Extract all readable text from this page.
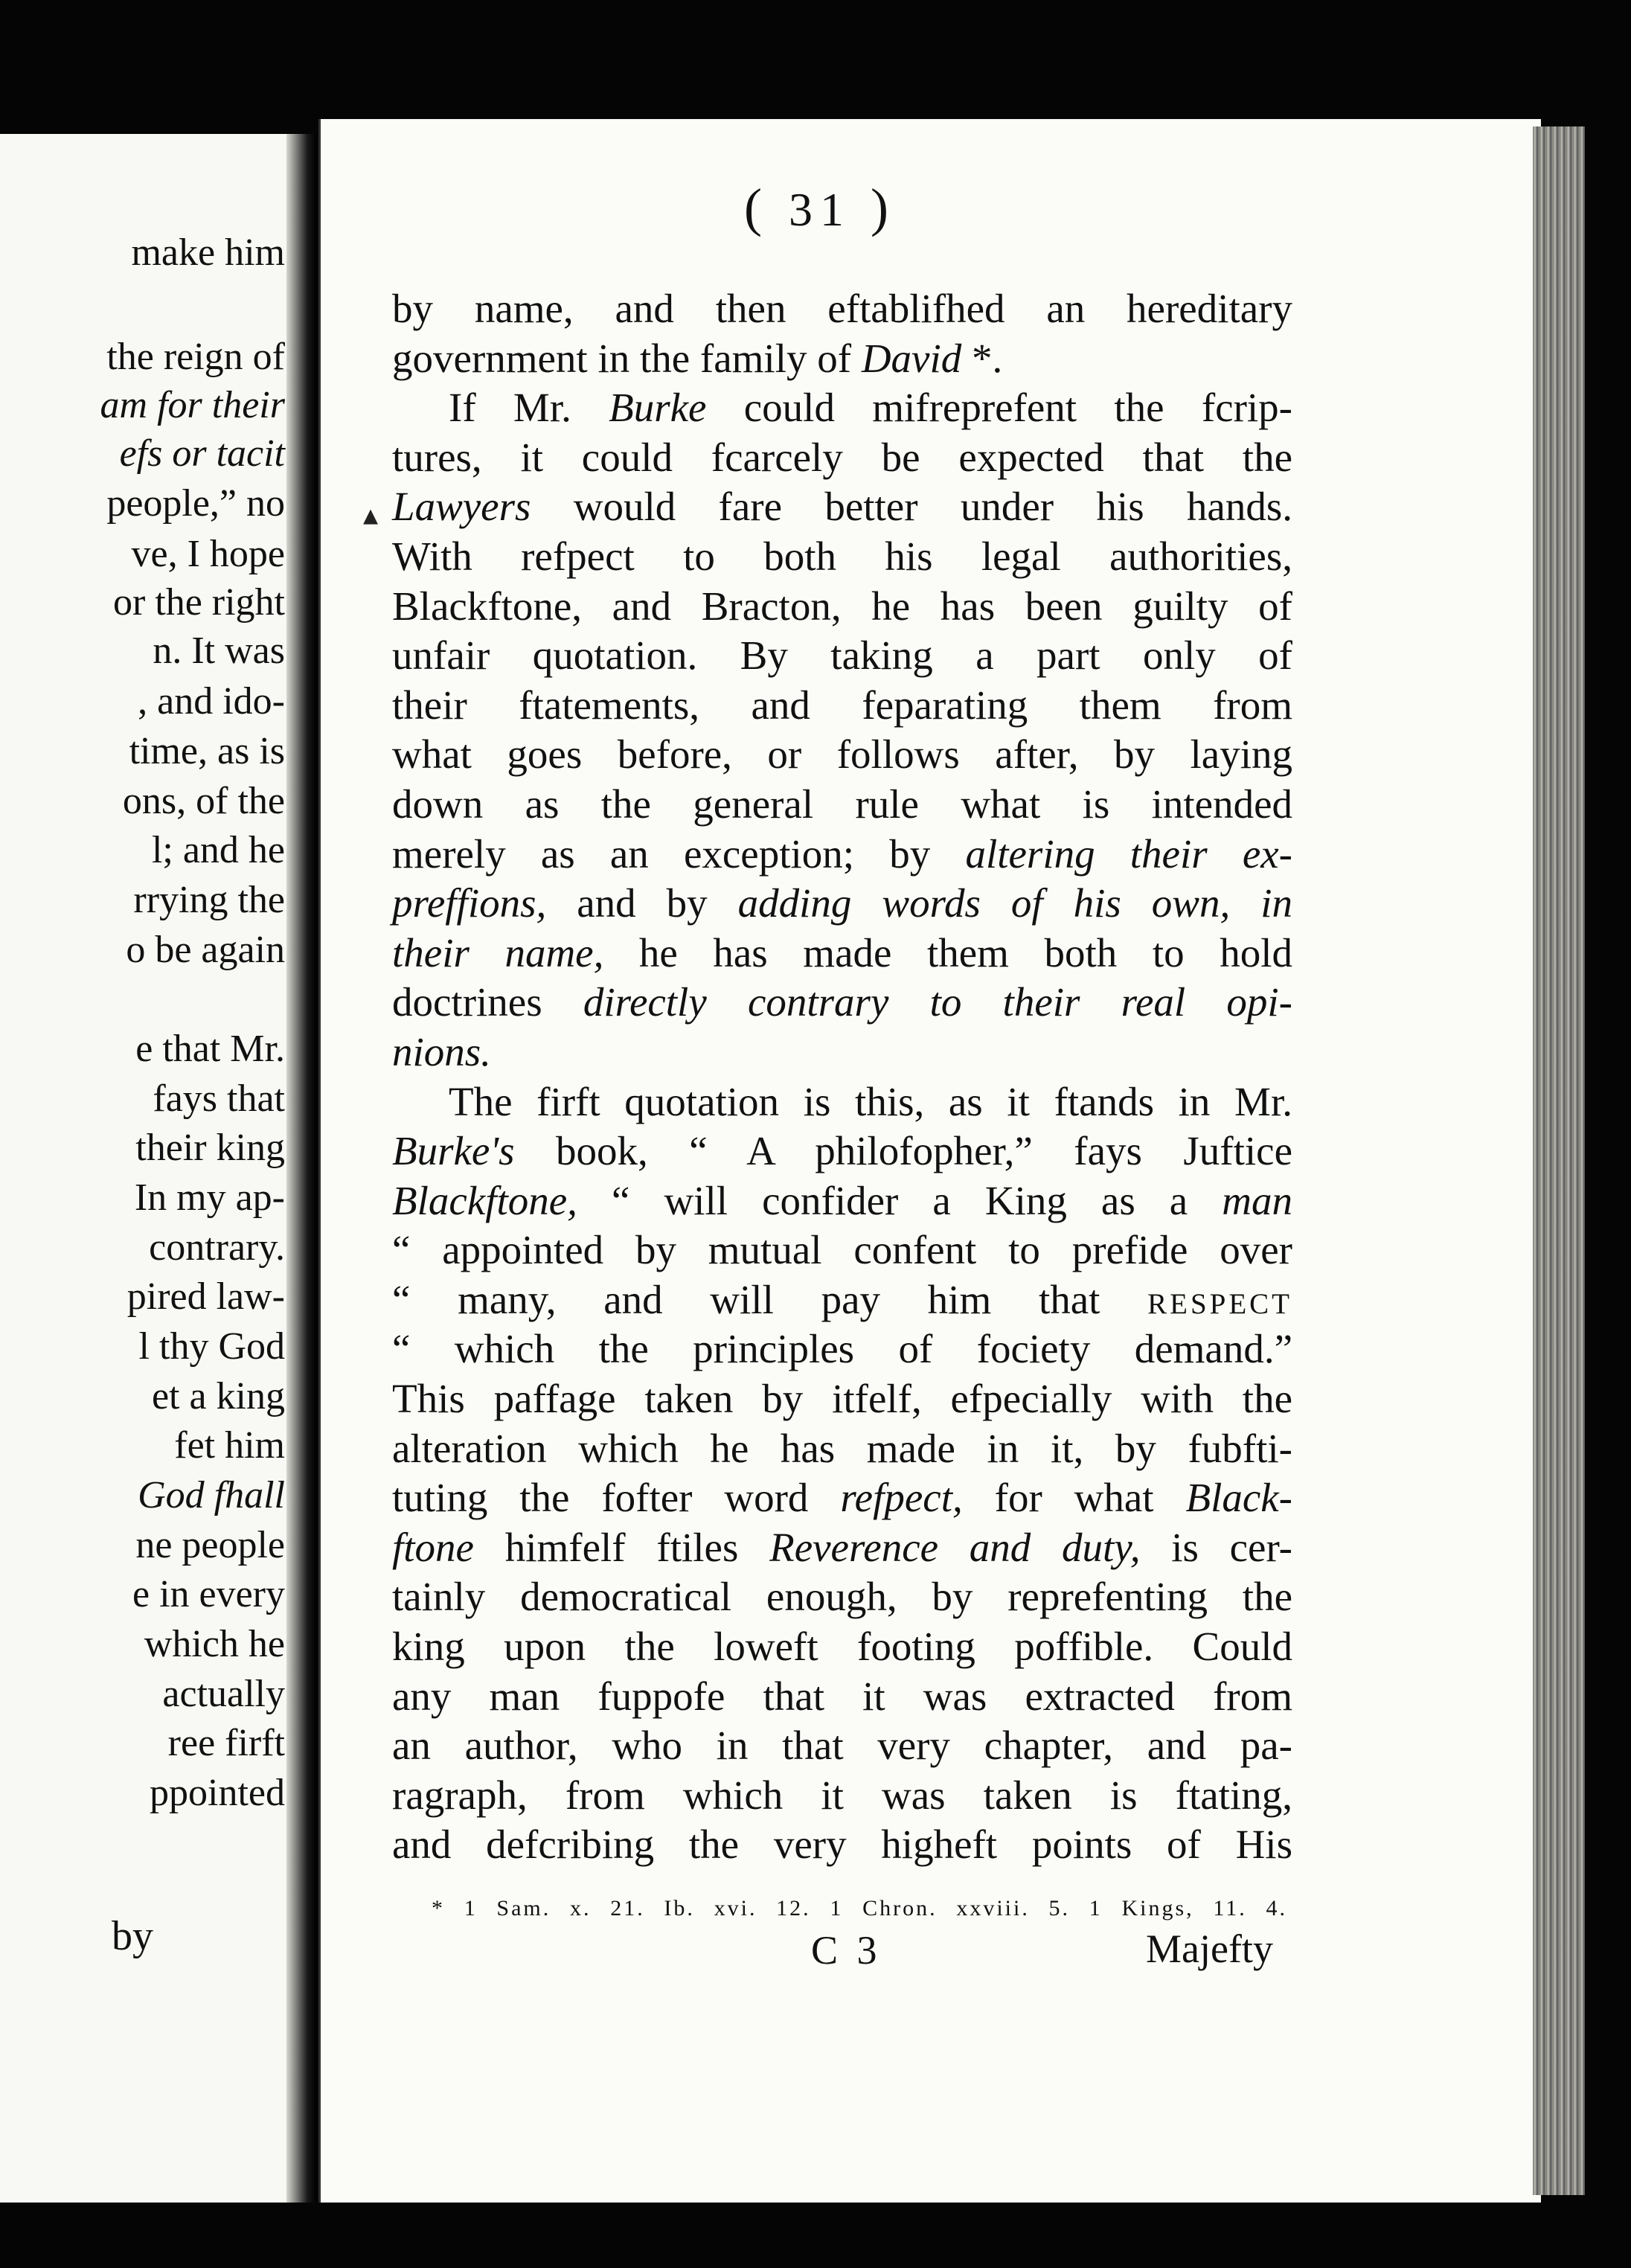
make him
the reign of
am for their
efs or tacit
people,” no
ve, I hope
or the right
n. It was
, and ido-
time, as is
ons, of the
l; and he
rrying the
o be again
e that Mr.
fays that
their king
In my ap-
contrary.
pired law-
l thy God
et a king
fet him
God fhall
ne people
e in every
which he
actually
ree firft
ppointed
by
( 31 )
by name, and then eftablifhed an hereditary
government in the family of David *.
If Mr. Burke could mifreprefent the fcrip-
tures, it could fcarcely be expected that the
Lawyers would fare better under his hands.
With refpect to both his legal authorities,
Blackftone, and Bracton, he has been guilty of
unfair quotation. By taking a part only of
their ftatements, and feparating them from
what goes before, or follows after, by laying
down as the general rule what is intended
merely as an exception; by altering their ex-
preffions, and by adding words of his own, in
their name, he has made them both to hold
doctrines directly contrary to their real opi-
nions.
The firft quotation is this, as it ftands in Mr.
Burke's book, “ A philofopher,” fays Juftice
Blackftone, “ will confider a King as a man
“ appointed by mutual confent to prefide over
“ many, and will pay him that respect
“ which the principles of fociety demand.”
This paffage taken by itfelf, efpecially with the
alteration which he has made in it, by fubfti-
tuting the fofter word refpect, for what Black-
ftone himfelf ftiles Reverence and duty, is cer-
tainly democratical enough, by reprefenting the
king upon the loweft footing poffible. Could
any man fuppofe that it was extracted from
an author, who in that very chapter, and pa-
ragraph, from which it was taken is ftating,
and defcribing the very higheft points of His
* 1 Sam. x. 21. Ib. xvi. 12. 1 Chron. xxviii. 5. 1 Kings, 11. 4.
C 3	Majefty
▴
